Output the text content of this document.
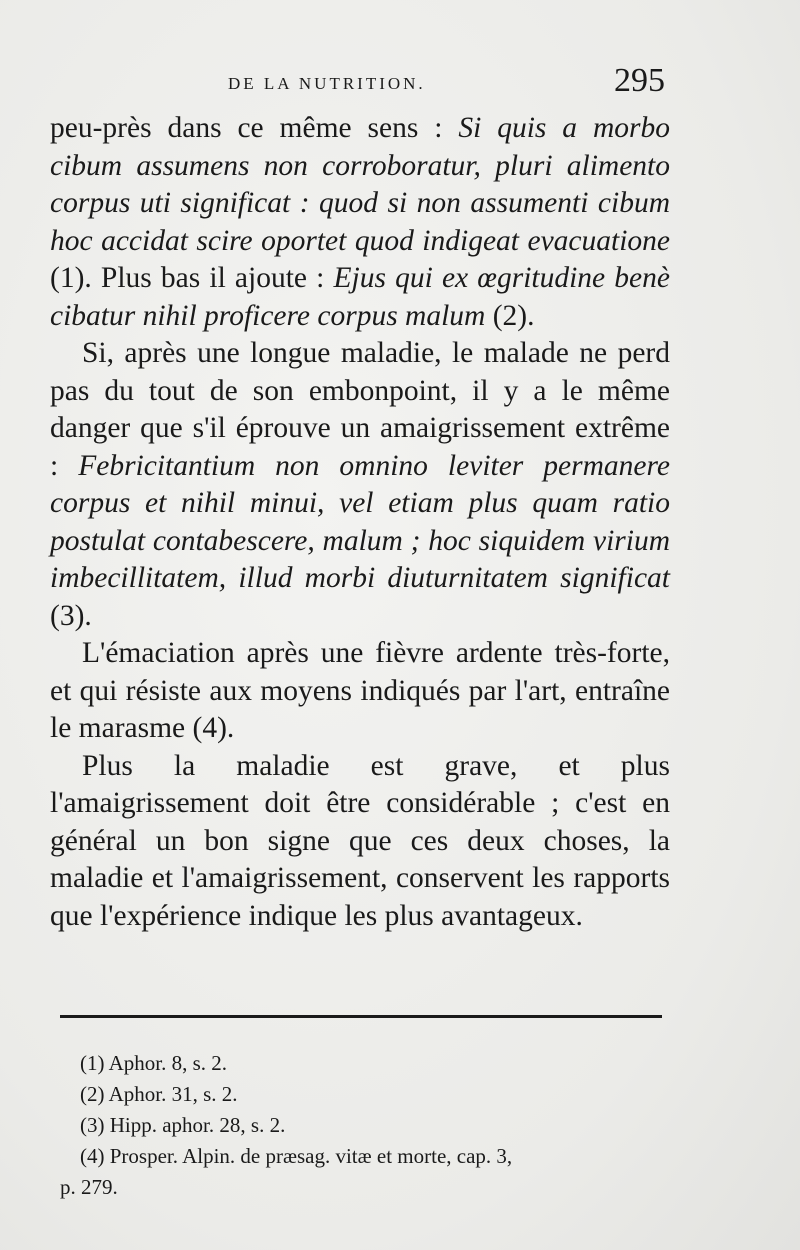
DE LA NUTRITION.	295

peu-près dans ce même sens : Si quis a morbo cibum assumens non corroboratur, pluri alimento corpus uti significat : quod si non assumenti cibum hoc accidat scire oportet quod indigeat evacuatione (1). Plus bas il ajoute : Ejus qui ex œgritudine benè cibatur nihil proficere corpus malum (2).

Si, après une longue maladie, le malade ne perd pas du tout de son embonpoint, il y a le même danger que s'il éprouve un amaigrissement extrême : Febricitantium non omnino leviter permanere corpus et nihil minui, vel etiam plus quam ratio postulat contabescere, malum ; hoc siquidem virium imbecillitatem, illud morbi diuturnitatem significat (3).

L'émaciation après une fièvre ardente très-forte, et qui résiste aux moyens indiqués par l'art, entraîne le marasme (4).

Plus la maladie est grave, et plus l'amaigrissement doit être considérable ; c'est en général un bon signe que ces deux choses, la maladie et l'amaigrissement, conservent les rapports que l'expérience indique les plus avantageux.

(1) Aphor. 8, s. 2.

(2) Aphor. 31, s. 2.

(3) Hipp. aphor. 28, s. 2.

(4) Prosper. Alpin. de præsag. vitæ et morte, cap. 3,

p. 279.
